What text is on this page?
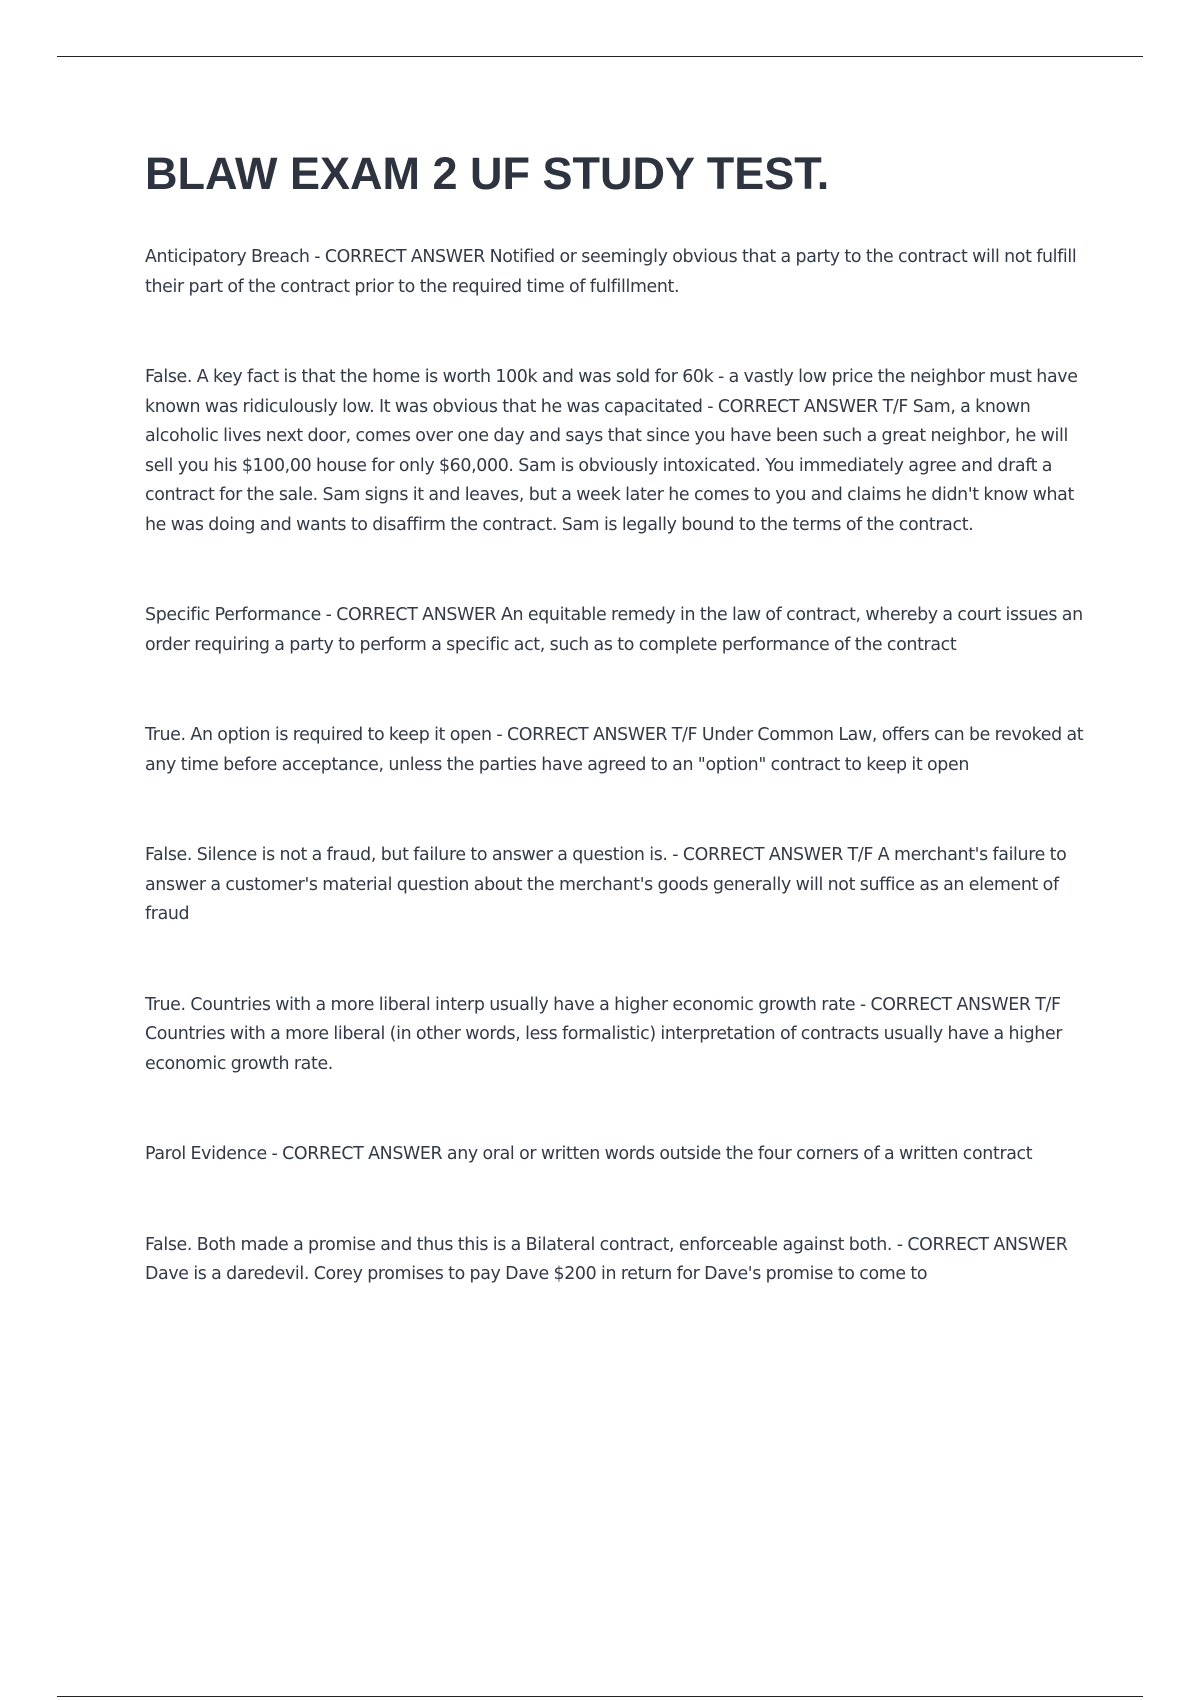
BLAW EXAM 2 UF STUDY TEST.

Anticipatory Breach - CORRECT ANSWER Notified or seemingly obvious that a party to the contract will not fulfill their part of the contract prior to the required time of fulfillment.

False. A key fact is that the home is worth 100k and was sold for 60k - a vastly low price the neighbor must have known was ridiculously low. It was obvious that he was capacitated - CORRECT ANSWER T/F Sam, a known alcoholic lives next door, comes over one day and says that since you have been such a great neighbor, he will sell you his $100,00 house for only $60,000. Sam is obviously intoxicated. You immediately agree and draft a contract for the sale. Sam signs it and leaves, but a week later he comes to you and claims he didn't know what he was doing and wants to disaffirm the contract. Sam is legally bound to the terms of the contract.

Specific Performance - CORRECT ANSWER An equitable remedy in the law of contract, whereby a court issues an order requiring a party to perform a specific act, such as to complete performance of the contract

True. An option is required to keep it open - CORRECT ANSWER T/F Under Common Law, offers can be revoked at any time before acceptance, unless the parties have agreed to an "option" contract to keep it open

False. Silence is not a fraud, but failure to answer a question is. - CORRECT ANSWER T/F A merchant's failure to answer a customer's material question about the merchant's goods generally will not suffice as an element of fraud

True. Countries with a more liberal interp usually have a higher economic growth rate - CORRECT ANSWER T/F Countries with a more liberal (in other words, less formalistic) interpretation of contracts usually have a higher economic growth rate.

Parol Evidence - CORRECT ANSWER any oral or written words outside the four corners of a written contract

False. Both made a promise and thus this is a Bilateral contract, enforceable against both. - CORRECT ANSWER Dave is a daredevil. Corey promises to pay Dave $200 in return for Dave's promise to come to
